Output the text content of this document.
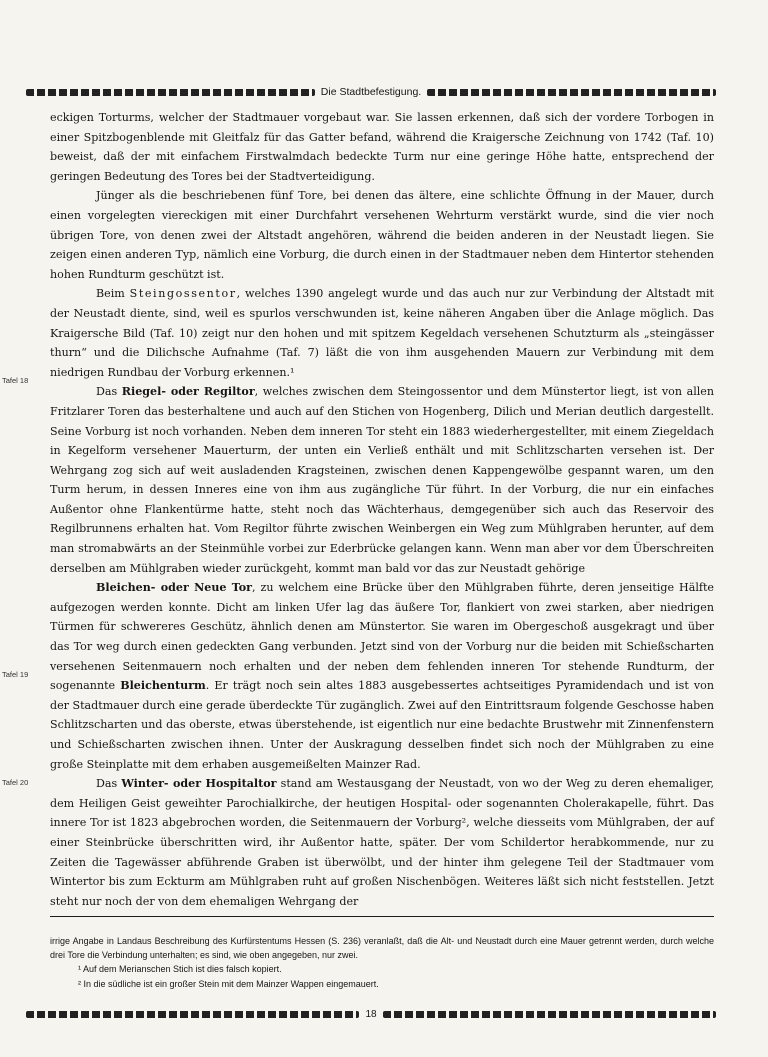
Die Stadtbefestigung.
Tafel 18
Tafel 19
Tafel 20

eckigen Torturms, welcher der Stadtmauer vorgebaut war. Sie lassen erkennen, daß sich der vordere Torbogen in einer Spitzbogenblende mit Gleitfalz für das Gatter befand, während die Kraigersche Zeichnung von 1742 (Taf. 10) beweist, daß der mit einfachem Firstwalmdach bedeckte Turm nur eine geringe Höhe hatte, entsprechend der geringen Bedeutung des Tores bei der Stadtverteidigung.

Jünger als die beschriebenen fünf Tore, bei denen das ältere, eine schlichte Öffnung in der Mauer, durch einen vorgelegten viereckigen mit einer Durchfahrt versehenen Wehrturm verstärkt wurde, sind die vier noch übrigen Tore, von denen zwei der Altstadt angehören, während die beiden anderen in der Neustadt liegen. Sie zeigen einen anderen Typ, nämlich eine Vorburg, die durch einen in der Stadtmauer neben dem Hintertor stehenden hohen Rundturm geschützt ist.

Beim Steingossentor, welches 1390 angelegt wurde und das auch nur zur Verbindung der Altstadt mit der Neustadt diente, sind, weil es spurlos verschwunden ist, keine näheren Angaben über die Anlage möglich. Das Kraigersche Bild (Taf. 10) zeigt nur den hohen und mit spitzem Kegeldach versehenen Schutzturm als „steingässer thurn“ und die Dilichsche Aufnahme (Taf. 7) läßt die von ihm ausgehenden Mauern zur Verbindung mit dem niedrigen Rundbau der Vorburg erkennen.¹

Das Riegel- oder Regiltor, welches zwischen dem Steingossentor und dem Münstertor liegt, ist von allen Fritzlarer Toren das besterhaltene und auch auf den Stichen von Hogenberg, Dilich und Merian deutlich dargestellt. Seine Vorburg ist noch vorhanden. Neben dem inneren Tor steht ein 1883 wiederhergestellter, mit einem Ziegeldach in Kegelform versehener Mauerturm, der unten ein Verließ enthält und mit Schlitzscharten versehen ist. Der Wehrgang zog sich auf weit ausladenden Kragsteinen, zwischen denen Kappengewölbe gespannt waren, um den Turm herum, in dessen Inneres eine von ihm aus zugängliche Tür führt. In der Vorburg, die nur ein einfaches Außentor ohne Flankentürme hatte, steht noch das Wächterhaus, demgegenüber sich auch das Reservoir des Regilbrunnens erhalten hat. Vom Regiltor führte zwischen Weinbergen ein Weg zum Mühlgraben herunter, auf dem man stromabwärts an der Steinmühle vorbei zur Ederbrücke gelangen kann. Wenn man aber vor dem Überschreiten derselben am Mühlgraben wieder zurückgeht, kommt man bald vor das zur Neustadt gehörige

Bleichen- oder Neue Tor, zu welchem eine Brücke über den Mühlgraben führte, deren jenseitige Hälfte aufgezogen werden konnte. Dicht am linken Ufer lag das äußere Tor, flankiert von zwei starken, aber niedrigen Türmen für schwereres Geschütz, ähnlich denen am Münstertor. Sie waren im Obergeschoß ausgekragt und über das Tor weg durch einen gedeckten Gang verbunden. Jetzt sind von der Vorburg nur die beiden mit Schießscharten versehenen Seitenmauern noch erhalten und der neben dem fehlenden inneren Tor stehende Rundturm, der sogenannte Bleichenturm. Er trägt noch sein altes 1883 ausgebessertes achtseitiges Pyramidendach und ist von der Stadtmauer durch eine gerade überdeckte Tür zugänglich. Zwei auf den Eintrittsraum folgende Geschosse haben Schlitzscharten und das oberste, etwas überstehende, ist eigentlich nur eine bedachte Brustwehr mit Zinnenfenstern und Schießscharten zwischen ihnen. Unter der Auskragung desselben findet sich noch der Mühlgraben zu eine große Steinplatte mit dem erhaben ausgemeißelten Mainzer Rad.

Das Winter- oder Hospitaltor stand am Westausgang der Neustadt, von wo der Weg zu deren ehemaliger, dem Heiligen Geist geweihter Parochialkirche, der heutigen Hospital- oder sogenannten Cholerakapelle, führt. Das innere Tor ist 1823 abgebrochen worden, die Seitenmauern der Vorburg², welche diesseits vom Mühlgraben, der auf einer Steinbrücke überschritten wird, ihr Außentor hatte, später. Der vom Schildertor herabkommende, nur zu Zeiten die Tagewässer abführende Graben ist überwölbt, und der hinter ihm gelegene Teil der Stadtmauer vom Wintertor bis zum Eckturm am Mühlgraben ruht auf großen Nischenbögen. Weiteres läßt sich nicht feststellen. Jetzt steht nur noch der von dem ehemaligen Wehrgang der

irrige Angabe in Landaus Beschreibung des Kurfürstentums Hessen (S. 236) veranlaßt, daß die Alt- und Neustadt durch eine Mauer getrennt werden, durch welche drei Tore die Verbindung unterhalten; es sind, wie oben angegeben, nur zwei.

¹ Auf dem Merianschen Stich ist dies falsch kopiert.

² In die südliche ist ein großer Stein mit dem Mainzer Wappen eingemauert.

18
